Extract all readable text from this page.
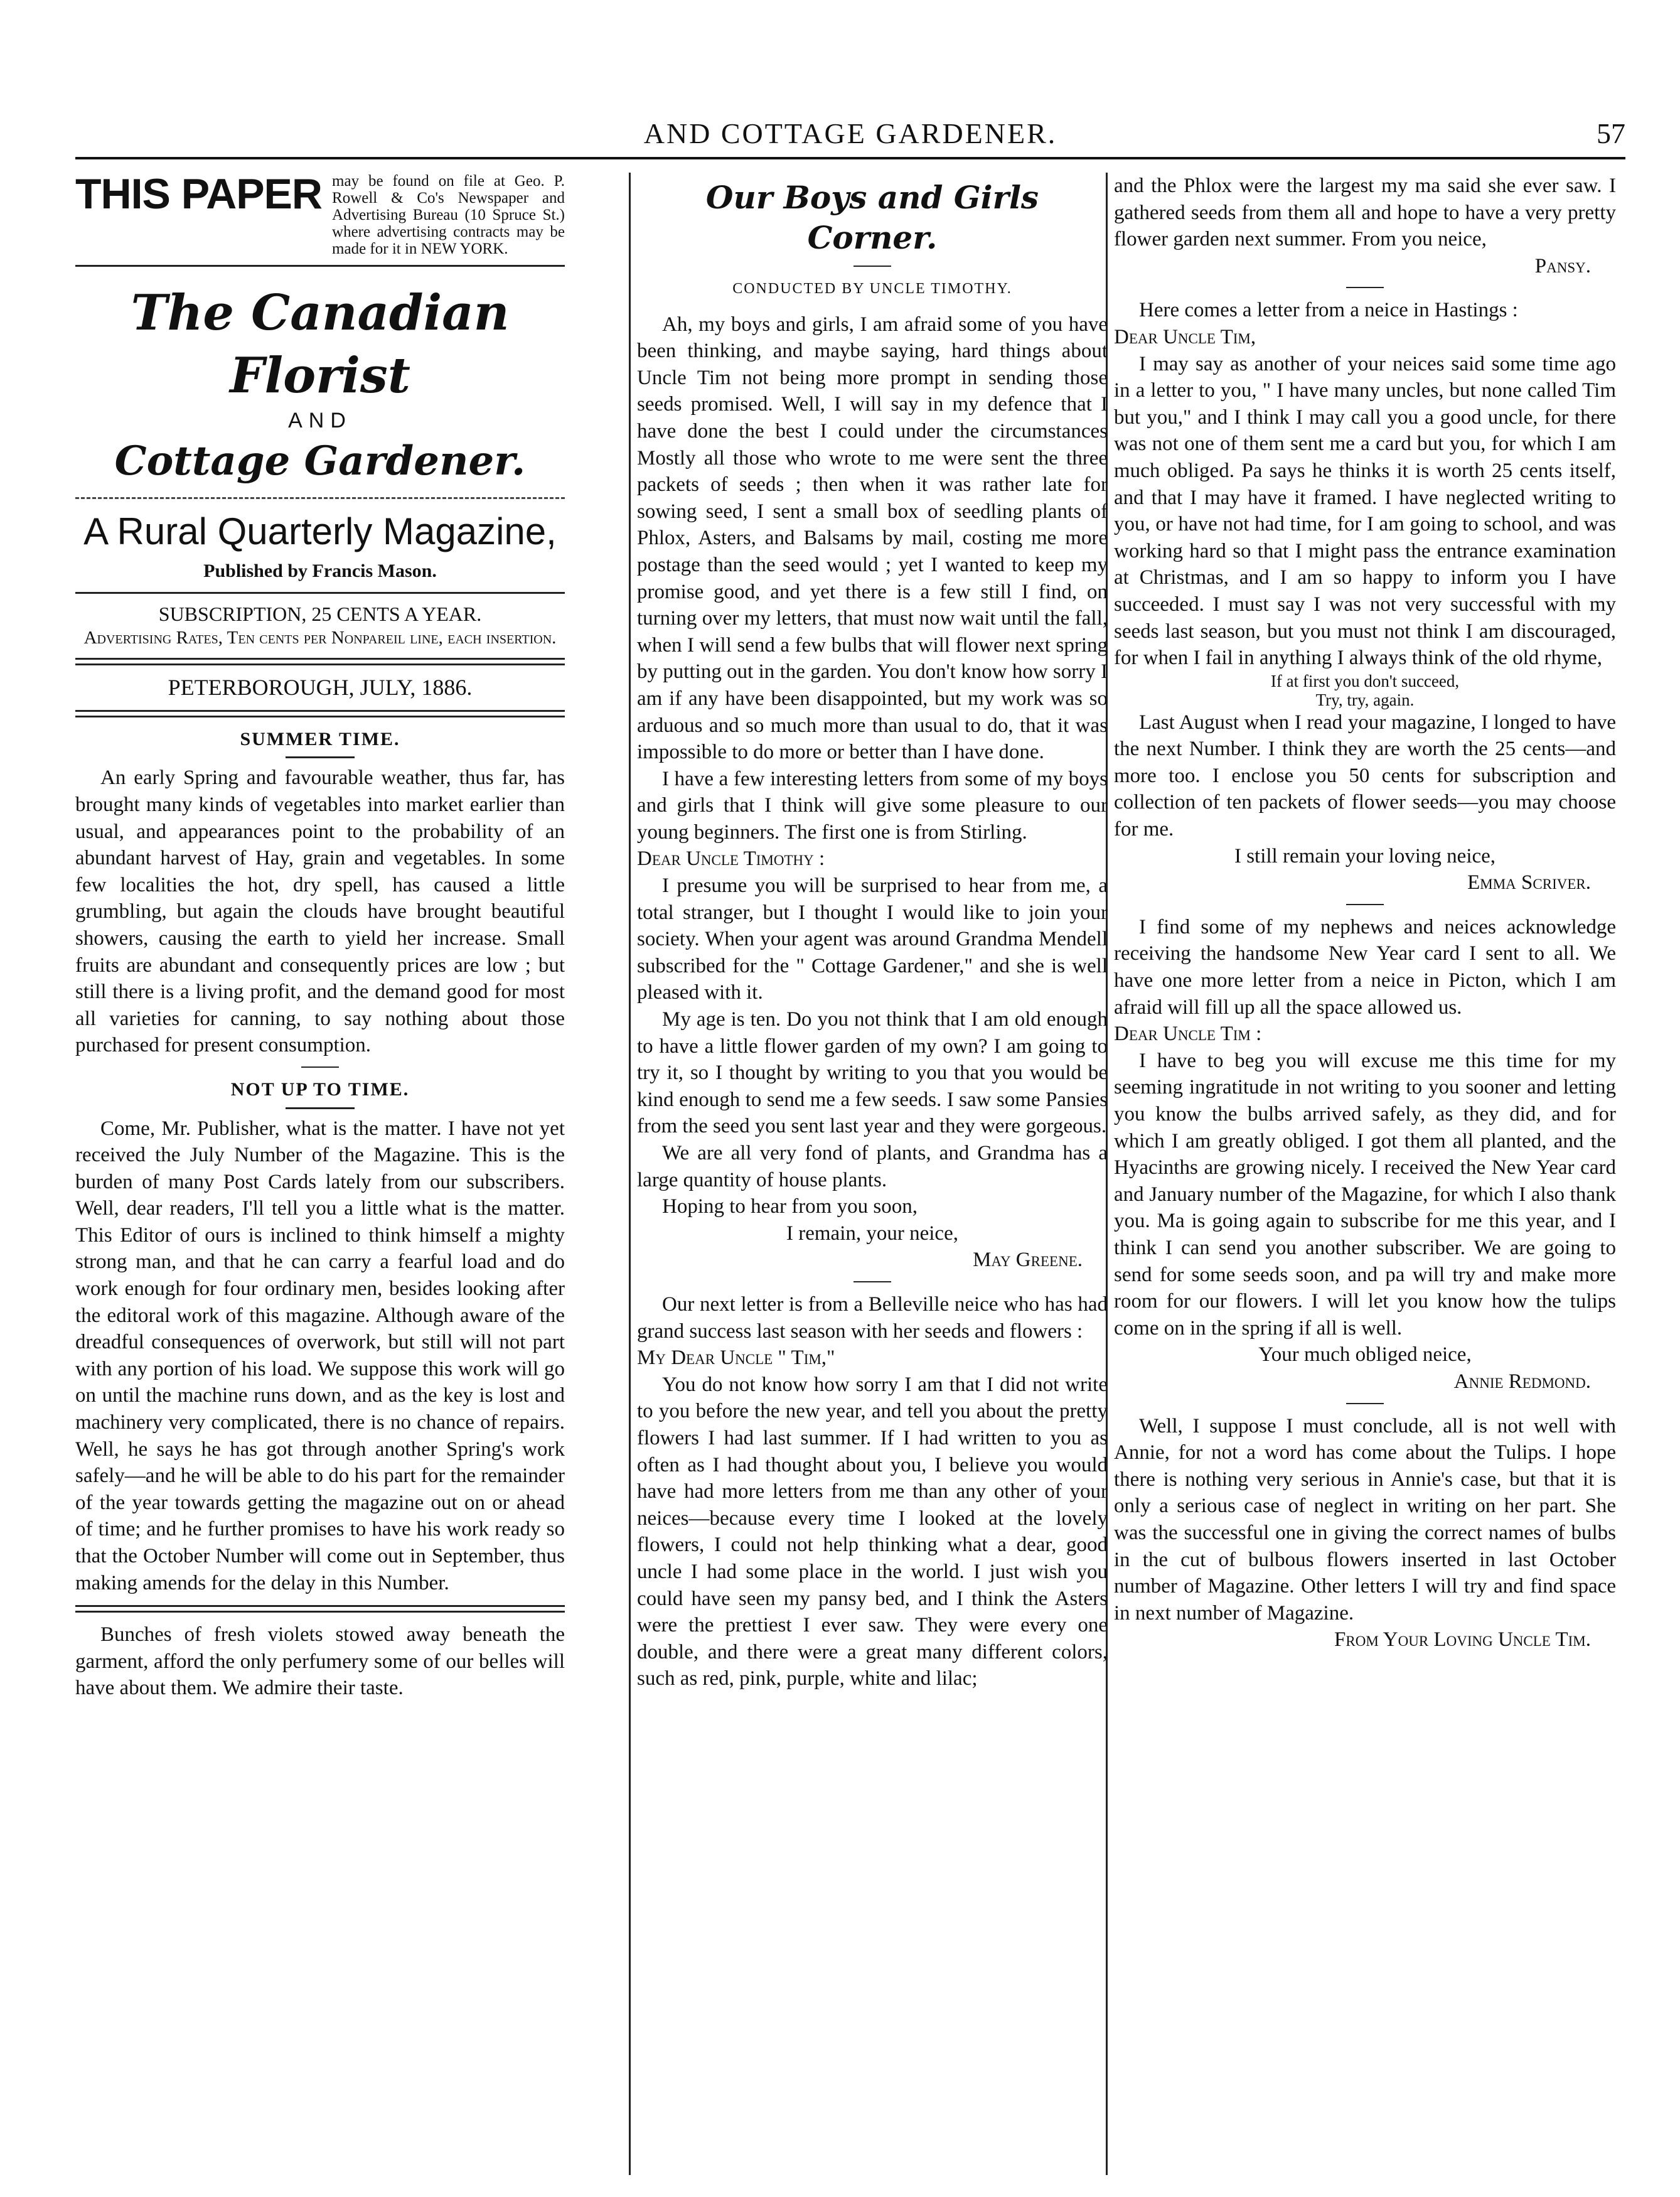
AND COTTAGE GARDENER.	57
THIS PAPER may be found on file at Geo. P. Rowell & Co's Newspaper and Advertising Bureau (10 Spruce St.) where advertising contracts may be made for it in NEW YORK.
The Canadian Florist
AND
Cottage Gardener.
A Rural Quarterly Magazine,
Published by Francis Mason.
SUBSCRIPTION, 25 CENTS A YEAR.
Advertising Rates, Ten cents per Nonpareil line, each insertion.
PETERBOROUGH, JULY, 1886.
SUMMER TIME.

An early Spring and favourable weather, thus far, has brought many kinds of vegetables into market earlier than usual, and appearances point to the probability of an abundant harvest of Hay, grain and vegetables. In some few localities the hot, dry spell, has caused a little grumbling, but again the clouds have brought beautiful showers, causing the earth to yield her increase. Small fruits are abundant and consequently prices are low ; but still there is a living profit, and the demand good for most all varieties for canning, to say nothing about those purchased for present consumption.

NOT UP TO TIME.

Come, Mr. Publisher, what is the matter. I have not yet received the July Number of the Magazine. This is the burden of many Post Cards lately from our subscribers. Well, dear readers, I'll tell you a little what is the matter. This Editor of ours is inclined to think himself a mighty strong man, and that he can carry a fearful load and do work enough for four ordinary men, besides looking after the editoral work of this magazine. Although aware of the dreadful consequences of overwork, but still will not part with any portion of his load. We suppose this work will go on until the machine runs down, and as the key is lost and machinery very complicated, there is no chance of repairs. Well, he says he has got through another Spring's work safely—and he will be able to do his part for the remainder of the year towards getting the magazine out on or ahead of time; and he further promises to have his work ready so that the October Number will come out in September, thus making amends for the delay in this Number.

Bunches of fresh violets stowed away beneath the garment, afford the only perfumery some of our belles will have about them. We admire their taste.

Our Boys and Girls Corner.
CONDUCTED BY UNCLE TIMOTHY.

Ah, my boys and girls, I am afraid some of you have been thinking, and maybe saying, hard things about Uncle Tim not being more prompt in sending those seeds promised. Well, I will say in my defence that I have done the best I could under the circumstances Mostly all those who wrote to me were sent the three packets of seeds ; then when it was rather late for sowing seed, I sent a small box of seedling plants of Phlox, Asters, and Balsams by mail, costing me more postage than the seed would ; yet I wanted to keep my promise good, and yet there is a few still I find, on turning over my letters, that must now wait until the fall, when I will send a few bulbs that will flower next spring by putting out in the garden. You don't know how sorry I am if any have been disappointed, but my work was so arduous and so much more than usual to do, that it was impossible to do more or better than I have done.

I have a few interesting letters from some of my boys and girls that I think will give some pleasure to our young beginners. The first one is from Stirling.

Dear Uncle Timothy :

I presume you will be surprised to hear from me, a total stranger, but I thought I would like to join your society. When your agent was around Grandma Mendell subscribed for the " Cottage Gardener," and she is well pleased with it.

My age is ten. Do you not think that I am old enough to have a little flower garden of my own? I am going to try it, so I thought by writing to you that you would be kind enough to send me a few seeds. I saw some Pansies from the seed you sent last year and they were gorgeous.

We are all very fond of plants, and Grandma has a large quantity of house plants.

Hoping to hear from you soon,

I remain, your neice,

May Greene.

Our next letter is from a Belleville neice who has had grand success last season with her seeds and flowers :

My Dear Uncle " Tim,"

You do not know how sorry I am that I did not write to you before the new year, and tell you about the pretty flowers I had last summer. If I had written to you as often as I had thought about you, I believe you would have had more letters from me than any other of your neices—because every time I looked at the lovely flowers, I could not help thinking what a dear, good uncle I had some place in the world. I just wish you could have seen my pansy bed, and I think the Asters were the prettiest I ever saw. They were every one double, and there were a great many different colors, such as red, pink, purple, white and lilac;

and the Phlox were the largest my ma said she ever saw. I gathered seeds from them all and hope to have a very pretty flower garden next summer. From you neice,

Pansy.

Here comes a letter from a neice in Hastings :

Dear Uncle Tim,

I may say as another of your neices said some time ago in a letter to you, " I have many uncles, but none called Tim but you," and I think I may call you a good uncle, for there was not one of them sent me a card but you, for which I am much obliged. Pa says he thinks it is worth 25 cents itself, and that I may have it framed. I have neglected writing to you, or have not had time, for I am going to school, and was working hard so that I might pass the entrance examination at Christmas, and I am so happy to inform you I have succeeded. I must say I was not very successful with my seeds last season, but you must not think I am discouraged, for when I fail in anything I always think of the old rhyme,

If at first you don't succeed,

Try, try, again.

Last August when I read your magazine, I longed to have the next Number. I think they are worth the 25 cents—and more too. I enclose you 50 cents for subscription and collection of ten packets of flower seeds—you may choose for me.

I still remain your loving neice,

Emma Scriver.

I find some of my nephews and neices acknowledge receiving the handsome New Year card I sent to all. We have one more letter from a neice in Picton, which I am afraid will fill up all the space allowed us.

Dear Uncle Tim :

I have to beg you will excuse me this time for my seeming ingratitude in not writing to you sooner and letting you know the bulbs arrived safely, as they did, and for which I am greatly obliged. I got them all planted, and the Hyacinths are growing nicely. I received the New Year card and January number of the Magazine, for which I also thank you. Ma is going again to subscribe for me this year, and I think I can send you another subscriber. We are going to send for some seeds soon, and pa will try and make more room for our flowers. I will let you know how the tulips come on in the spring if all is well.

Your much obliged neice,

Annie Redmond.

Well, I suppose I must conclude, all is not well with Annie, for not a word has come about the Tulips. I hope there is nothing very serious in Annie's case, but that it is only a serious case of neglect in writing on her part. She was the successful one in giving the correct names of bulbs in the cut of bulbous flowers inserted in last October number of Magazine. Other letters I will try and find space in next number of Magazine.

From Your Loving Uncle Tim.
